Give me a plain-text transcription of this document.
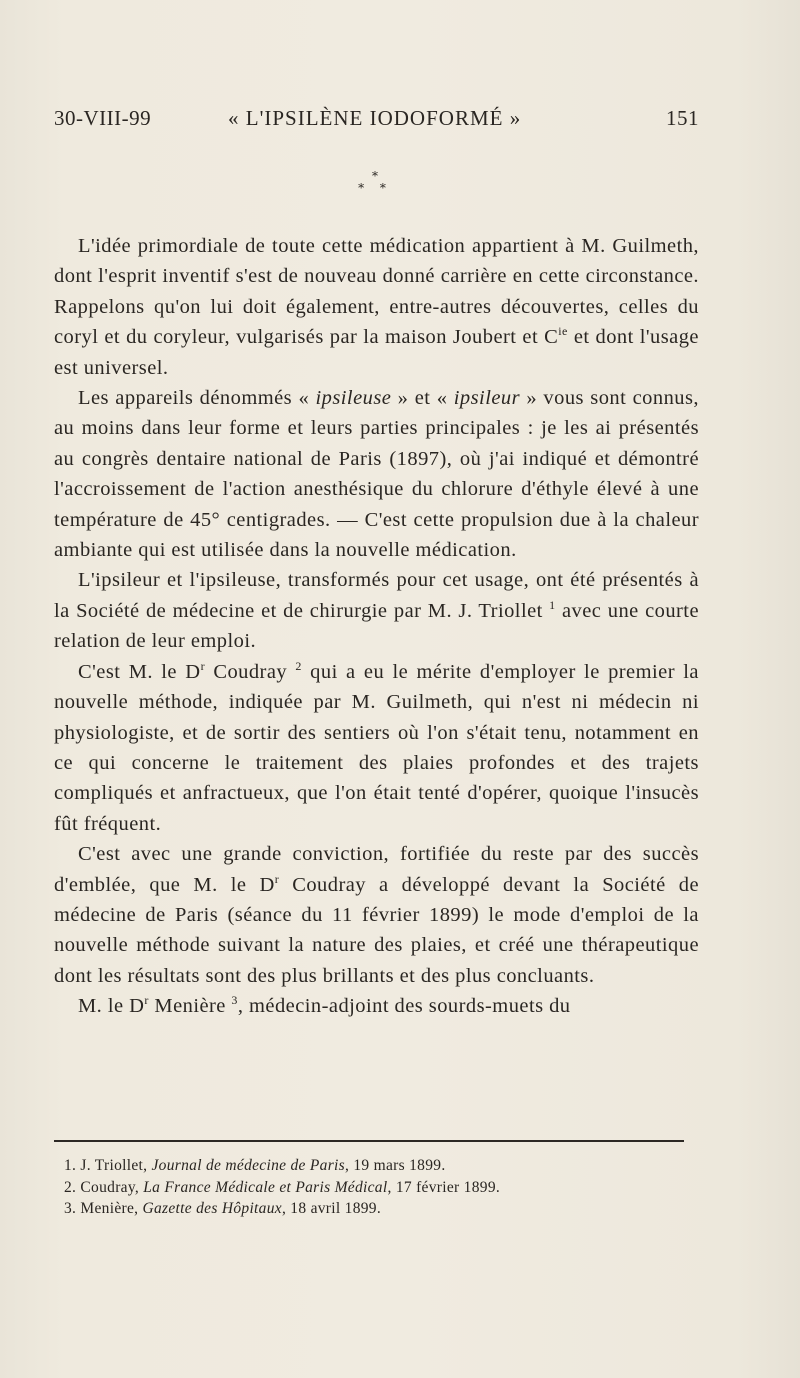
30-VIII-99	« L'IPSILÈNE IODOFORMÉ »	151
*
* *

L'idée primordiale de toute cette médication appartient à M. Guilmeth, dont l'esprit inventif s'est de nouveau donné carrière en cette circonstance. Rappelons qu'on lui doit également, entre-autres découvertes, celles du coryl et du coryleur, vulgarisés par la maison Joubert et $C^{ie}$ et dont l'usage est universel.

Les appareils dénommés « ipsileuse » et « ipsileur » vous sont connus, au moins dans leur forme et leurs parties principales : je les ai présentés au congrès dentaire national de Paris (1897), où j'ai indiqué et démontré l'accroissement de l'action anesthésique du chlorure d'éthyle élevé à une température de 45° centigrades. — C'est cette propulsion due à la chaleur ambiante qui est utilisée dans la nouvelle médication.

L'ipsileur et l'ipsileuse, transformés pour cet usage, ont été présentés à la Société de médecine et de chirurgie par M. J. Triollet $^1$ avec une courte relation de leur emploi.

C'est M. le $D^r$ Coudray $^2$ qui a eu le mérite d'employer le premier la nouvelle méthode, indiquée par M. Guilmeth, qui n'est ni médecin ni physiologiste, et de sortir des sentiers où l'on s'était tenu, notamment en ce qui concerne le traitement des plaies profondes et des trajets compliqués et anfractueux, que l'on était tenté d'opérer, quoique l'insucès fût fréquent.

C'est avec une grande conviction, fortifiée du reste par des succès d'emblée, que M. le $D^r$ Coudray a développé devant la Société de médecine de Paris (séance du 11 février 1899) le mode d'emploi de la nouvelle méthode suivant la nature des plaies, et créé une thérapeutique dont les résultats sont des plus brillants et des plus concluants.

M. le $D^r$ Menière $^3$, médecin-adjoint des sourds-muets du

1. J. Triollet, Journal de médecine de Paris, 19 mars 1899.
2. Coudray, La France Médicale et Paris Médical, 17 février 1899.
3. Menière, Gazette des Hôpitaux, 18 avril 1899.
